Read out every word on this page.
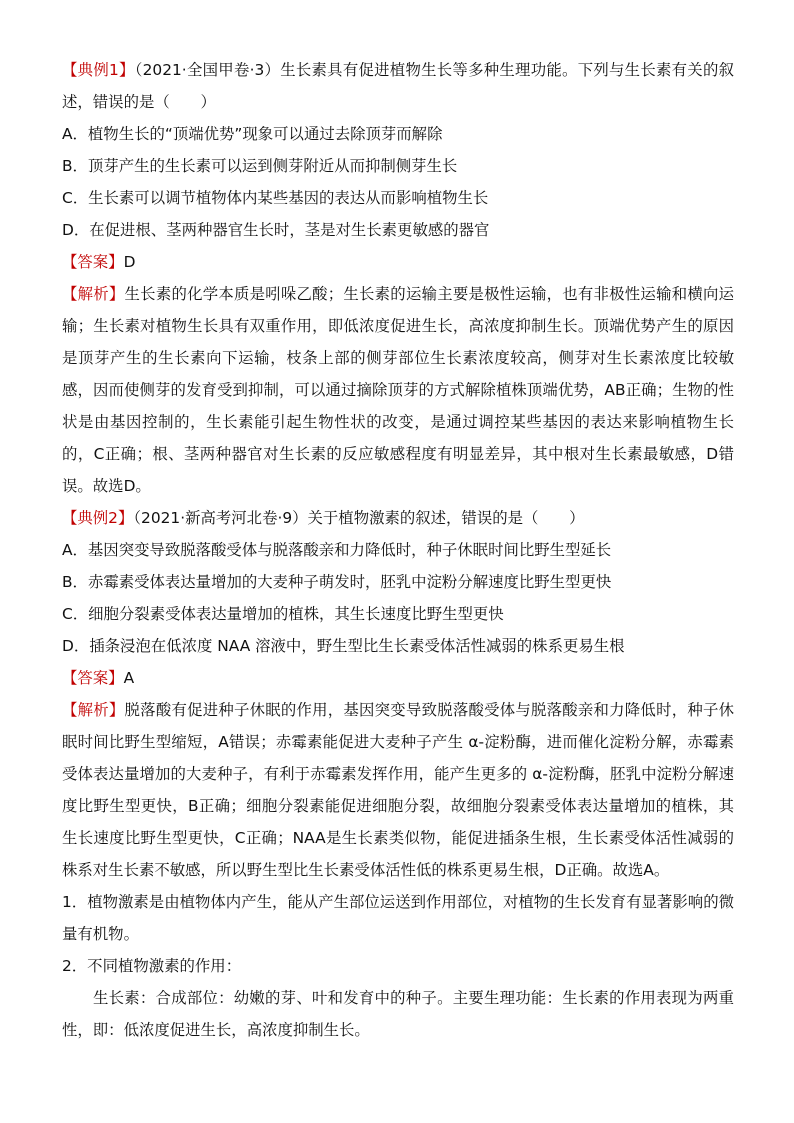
【典例1】（2021·全国甲卷·3）生长素具有促进植物生长等多种生理功能。下列与生长素有关的叙述，错误的是（　　）

A．植物生长的“顶端优势”现象可以通过去除顶芽而解除

B．顶芽产生的生长素可以运到侧芽附近从而抑制侧芽生长

C．生长素可以调节植物体内某些基因的表达从而影响植物生长

D．在促进根、茎两种器官生长时，茎是对生长素更敏感的器官

【答案】D

【解析】生长素的化学本质是吲哚乙酸；生长素的运输主要是极性运输，也有非极性运输和横向运输；生长素对植物生长具有双重作用，即低浓度促进生长，高浓度抑制生长。顶端优势产生的原因是顶芽产生的生长素向下运输，枝条上部的侧芽部位生长素浓度较高，侧芽对生长素浓度比较敏感，因而使侧芽的发育受到抑制，可以通过摘除顶芽的方式解除植株顶端优势，AB正确；生物的性状是由基因控制的，生长素能引起生物性状的改变，是通过调控某些基因的表达来影响植物生长的，C正确；根、茎两种器官对生长素的反应敏感程度有明显差异，其中根对生长素最敏感，D错误。故选D。

【典例2】（2021·新高考河北卷·9）关于植物激素的叙述，错误的是（　　）

A．基因突变导致脱落酸受体与脱落酸亲和力降低时，种子休眠时间比野生型延长

B．赤霉素受体表达量增加的大麦种子萌发时，胚乳中淀粉分解速度比野生型更快

C．细胞分裂素受体表达量增加的植株，其生长速度比野生型更快

D．插条浸泡在低浓度 NAA 溶液中，野生型比生长素受体活性减弱的株系更易生根

【答案】A

【解析】脱落酸有促进种子休眠的作用，基因突变导致脱落酸受体与脱落酸亲和力降低时，种子休眠时间比野生型缩短，A错误；赤霉素能促进大麦种子产生 α-淀粉酶，进而催化淀粉分解，赤霉素受体表达量增加的大麦种子，有利于赤霉素发挥作用，能产生更多的 α-淀粉酶，胚乳中淀粉分解速度比野生型更快，B正确；细胞分裂素能促进细胞分裂，故细胞分裂素受体表达量增加的植株，其生长速度比野生型更快，C正确；NAA是生长素类似物，能促进插条生根，生长素受体活性减弱的株系对生长素不敏感，所以野生型比生长素受体活性低的株系更易生根，D正确。故选A。

1．植物激素是由植物体内产生，能从产生部位运送到作用部位，对植物的生长发育有显著影响的微量有机物。

2．不同植物激素的作用：

生长素：合成部位：幼嫩的芽、叶和发育中的种子。主要生理功能：生长素的作用表现为两重性，即：低浓度促进生长，高浓度抑制生长。
